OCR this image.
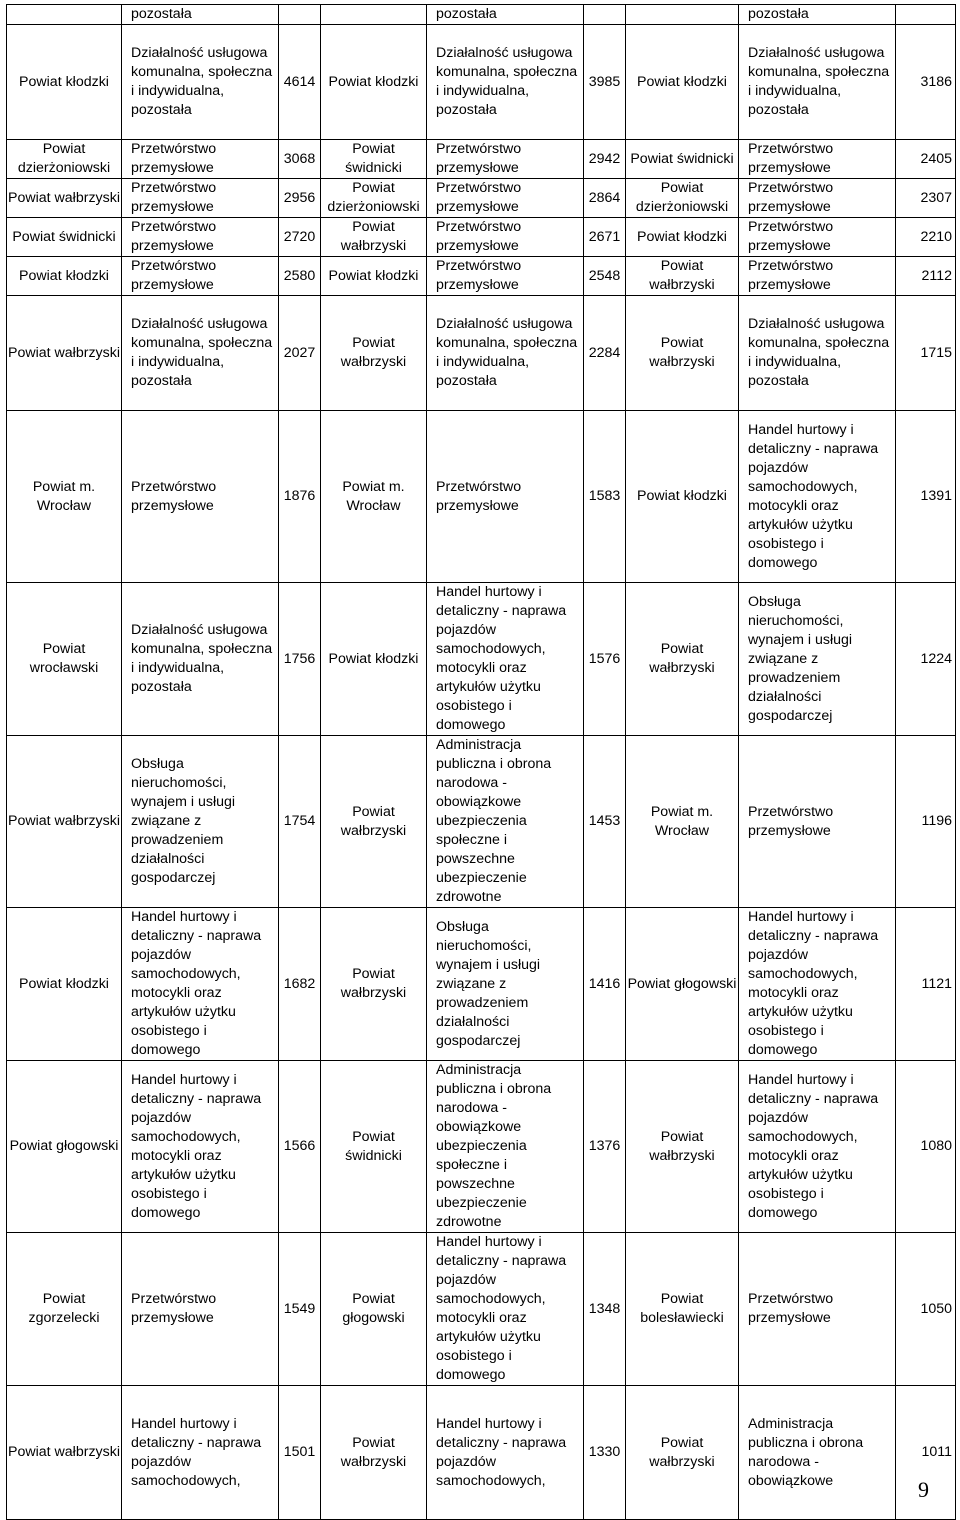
	pozostała			pozostała			pozostała	
Powiat kłodzki	Działalność usługowa komunalna, społeczna i indywidualna, pozostała	4614	Powiat kłodzki	Działalność usługowa komunalna, społeczna i indywidualna, pozostała	3985	Powiat kłodzki	Działalność usługowa komunalna, społeczna i indywidualna, pozostała	3186
Powiat dzierżoniowski	Przetwórstwo przemysłowe	3068	Powiat świdnicki	Przetwórstwo przemysłowe	2942	Powiat świdnicki	Przetwórstwo przemysłowe	2405
Powiat wałbrzyski	Przetwórstwo przemysłowe	2956	Powiat dzierżoniowski	Przetwórstwo przemysłowe	2864	Powiat dzierżoniowski	Przetwórstwo przemysłowe	2307
Powiat świdnicki	Przetwórstwo przemysłowe	2720	Powiat wałbrzyski	Przetwórstwo przemysłowe	2671	Powiat kłodzki	Przetwórstwo przemysłowe	2210
Powiat kłodzki	Przetwórstwo przemysłowe	2580	Powiat kłodzki	Przetwórstwo przemysłowe	2548	Powiat wałbrzyski	Przetwórstwo przemysłowe	2112
Powiat wałbrzyski	Działalność usługowa komunalna, społeczna i indywidualna, pozostała	2027	Powiat wałbrzyski	Działalność usługowa komunalna, społeczna i indywidualna, pozostała	2284	Powiat wałbrzyski	Działalność usługowa komunalna, społeczna i indywidualna, pozostała	1715
Powiat m. Wrocław	Przetwórstwo przemysłowe	1876	Powiat m. Wrocław	Przetwórstwo przemysłowe	1583	Powiat kłodzki	Handel hurtowy i detaliczny - naprawa pojazdów samochodowych, motocykli oraz artykułów użytku osobistego i domowego	1391
Powiat wrocławski	Działalność usługowa komunalna, społeczna i indywidualna, pozostała	1756	Powiat kłodzki	Handel hurtowy i detaliczny - naprawa pojazdów samochodowych, motocykli oraz artykułów użytku osobistego i domowego	1576	Powiat wałbrzyski	Obsługa nieruchomości, wynajem i usługi związane z prowadzeniem działalności gospodarczej	1224
Powiat wałbrzyski	Obsługa nieruchomości, wynajem i usługi związane z prowadzeniem działalności gospodarczej	1754	Powiat wałbrzyski	Administracja publiczna i obrona narodowa - obowiązkowe ubezpieczenia społeczne i powszechne ubezpieczenie zdrowotne	1453	Powiat m. Wrocław	Przetwórstwo przemysłowe	1196
Powiat kłodzki	Handel hurtowy i detaliczny - naprawa pojazdów samochodowych, motocykli oraz artykułów użytku osobistego i domowego	1682	Powiat wałbrzyski	Obsługa nieruchomości, wynajem i usługi związane z prowadzeniem działalności gospodarczej	1416	Powiat głogowski	Handel hurtowy i detaliczny - naprawa pojazdów samochodowych, motocykli oraz artykułów użytku osobistego i domowego	1121
Powiat głogowski	Handel hurtowy i detaliczny - naprawa pojazdów samochodowych, motocykli oraz artykułów użytku osobistego i domowego	1566	Powiat świdnicki	Administracja publiczna i obrona narodowa - obowiązkowe ubezpieczenia społeczne i powszechne ubezpieczenie zdrowotne	1376	Powiat wałbrzyski	Handel hurtowy i detaliczny - naprawa pojazdów samochodowych, motocykli oraz artykułów użytku osobistego i domowego	1080
Powiat zgorzelecki	Przetwórstwo przemysłowe	1549	Powiat głogowski	Handel hurtowy i detaliczny - naprawa pojazdów samochodowych, motocykli oraz artykułów użytku osobistego i domowego	1348	Powiat bolesławiecki	Przetwórstwo przemysłowe	1050
Powiat wałbrzyski	Handel hurtowy i detaliczny - naprawa pojazdów samochodowych,	1501	Powiat wałbrzyski	Handel hurtowy i detaliczny - naprawa pojazdów samochodowych,	1330	Powiat wałbrzyski	Administracja publiczna i obrona narodowa - obowiązkowe	1011
9
